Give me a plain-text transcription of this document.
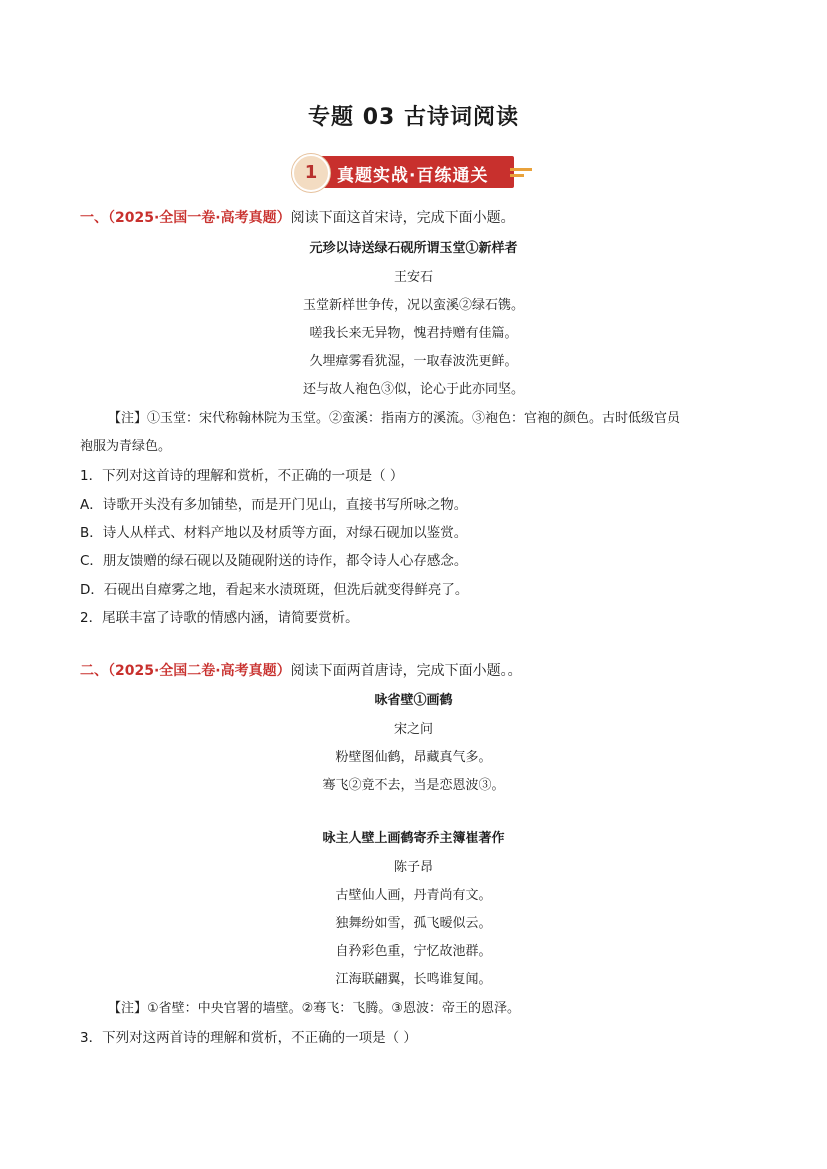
专题 03 古诗词阅读
1	真题实战·百练通关
一、（2025·全国一卷·高考真题）阅读下面这首宋诗，完成下面小题。
元珍以诗送绿石砚所谓玉堂①新样者
王安石
玉堂新样世争传，况以蛮溪②绿石镌。
嗟我长来无异物，愧君持赠有佳篇。
久埋瘴雾看犹湿，一取春波洗更鲜。
还与故人袍色③似，论心于此亦同坚。
【注】①玉堂：宋代称翰林院为玉堂。②蛮溪：指南方的溪流。③袍色：官袍的颜色。古时低级官员
袍服为青绿色。
1．下列对这首诗的理解和赏析，不正确的一项是（ ）
A．诗歌开头没有多加铺垫，而是开门见山，直接书写所咏之物。
B．诗人从样式、材料产地以及材质等方面，对绿石砚加以鉴赏。
C．朋友馈赠的绿石砚以及随砚附送的诗作，都令诗人心存感念。
D．石砚出自瘴雾之地，看起来水渍斑斑，但洗后就变得鲜亮了。
2．尾联丰富了诗歌的情感内涵，请简要赏析。
二、（2025·全国二卷·高考真题）阅读下面两首唐诗，完成下面小题。。
咏省壁①画鹤
宋之问
粉壁图仙鹤，昂藏真气多。
骞飞②竟不去，当是恋恩波③。
咏主人壁上画鹤寄乔主簿崔著作
陈子昂
古壁仙人画，丹青尚有文。
独舞纷如雪，孤飞暧似云。
自矜彩色重，宁忆故池群。
江海联翩翼，长鸣谁复闻。
【注】①省壁：中央官署的墙壁。②骞飞：飞腾。③恩波：帝王的恩泽。
3．下列对这两首诗的理解和赏析，不正确的一项是（ ）
